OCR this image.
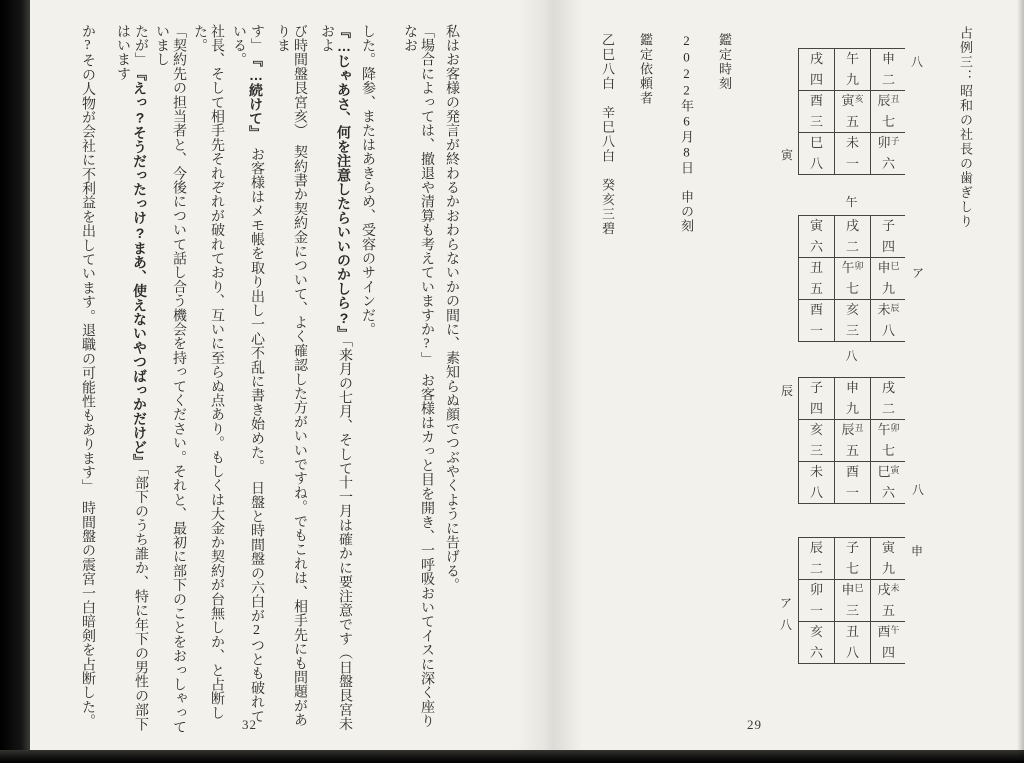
占例三：昭和の社長の歯ぎしり
戌
四
午
九
申
二
酉
三
寅 亥
五
辰 丑
七
巳
八
未
一
卯 子
六
八
寅
寅
六
戌
二
子
四
丑
五
午 卯
七
申 巳
九
酉
一
亥
三
未 辰
八
午
ア
八
子
四
申
九
戌
二
亥
三
辰 丑
五
午 卯
七
未
八
酉
一
巳 寅
六
辰
八
辰
二
子
七
寅
九
卯
一
申 巳
三
戌 未
五
亥
六
丑
八
酉 午
四
申
ア
八
鑑定時刻
2022年6月8日　申の刻
鑑定依頼者
乙巳八白　辛巳八白　癸亥三碧
29
私はお客様の発言が終わるかおわらないかの間に、素知らぬ顔でつぶやくように告げる。
「場合によっては、撤退や清算も考えていますか?」　お客様はカっと目を開き、一呼吸おいてイスに深く座りなお
した。降参、またはあきらめ、受容のサインだ。
『…じゃあさ、何を注意したらいいのかしら?』「来月の七月、そして十一月は確かに要注意です（日盤艮宮未およ
び時間盤艮宮亥）　契約書か契約金について、よく確認した方がいいですね。でもこれは、相手先にも問題がありま
す」　『…続けて』　お客様はメモ帳を取り出し一心不乱に書き始めた。　日盤と時間盤の六白が2つとも破れている。
社長、そして相手先それぞれが破れており、互いに至らぬ点あり。もしくは大金か契約が台無しか、と占断した。
「契約先の担当者と、今後について話し合う機会を持ってください。それと、最初に部下のことをおっしゃっていまし
たが」　『えっ?そうだったっけ?まあ、使えないやつばっかだけど』「部下のうち誰か、特に年下の男性の部下はいます
か?その人物が会社に不利益を出しています。退職の可能性もあります」　時間盤の震宮一白暗剣を占断した。	32
